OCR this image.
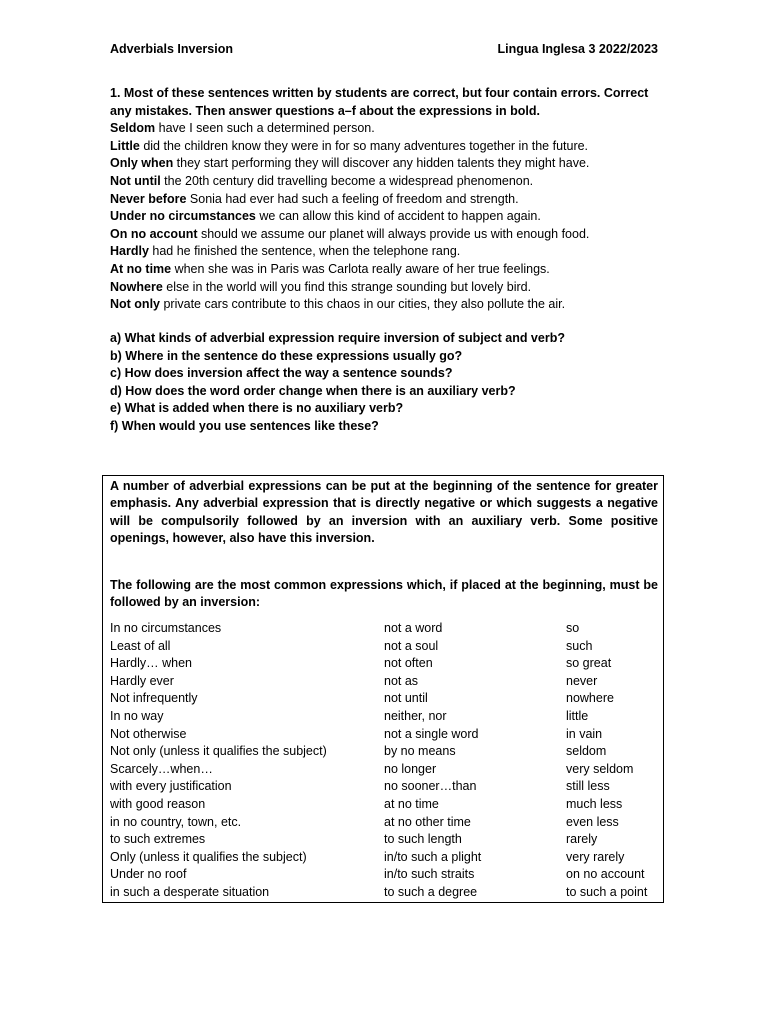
Adverbials Inversion	Lingua Inglesa 3 2022/2023
1. Most of these sentences written by students are correct, but four contain errors. Correct any mistakes. Then answer questions a–f about the expressions in bold.
Seldom have I seen such a determined person.
Little did the children know they were in for so many adventures together in the future.
Only when they start performing they will discover any hidden talents they might have.
Not until the 20th century did travelling become a widespread phenomenon.
Never before Sonia had ever had such a feeling of freedom and strength.
Under no circumstances we can allow this kind of accident to happen again.
On no account should we assume our planet will always provide us with enough food.
Hardly had he finished the sentence, when the telephone rang.
At no time when she was in Paris was Carlota really aware of her true feelings.
Nowhere else in the world will you find this strange sounding but lovely bird.
Not only private cars contribute to this chaos in our cities, they also pollute the air.
a) What kinds of adverbial expression require inversion of subject and verb?
b) Where in the sentence do these expressions usually go?
c) How does inversion affect the way a sentence sounds?
d) How does the word order change when there is an auxiliary verb?
e) What is added when there is no auxiliary verb?
f) When would you use sentences like these?
A number of adverbial expressions can be put at the beginning of the sentence for greater emphasis. Any adverbial expression that is directly negative or which suggests a negative will be compulsorily followed by an inversion with an auxiliary verb. Some positive openings, however, also have this inversion.
The following are the most common expressions which, if placed at the beginning, must be followed by an inversion:
In no circumstances
Least of all
Hardly… when
Hardly ever
Not infrequently
In no way
Not otherwise
Not only (unless it qualifies the subject)
Scarcely…when…
with every justification
with good reason
in no country, town, etc.
to such extremes
Only (unless it qualifies the subject)
Under no roof
in such a desperate situation
not a word
not a soul
not often
not as
not until
neither, nor
not a single word
by no means
no longer
no sooner…than
at no time
at no other time
to such length
in/to such a plight
in/to such straits
to such a degree
so
such
so great
never
nowhere
little
in vain
seldom
very seldom
still less
much less
even less
rarely
very rarely
on no account
to such a point
